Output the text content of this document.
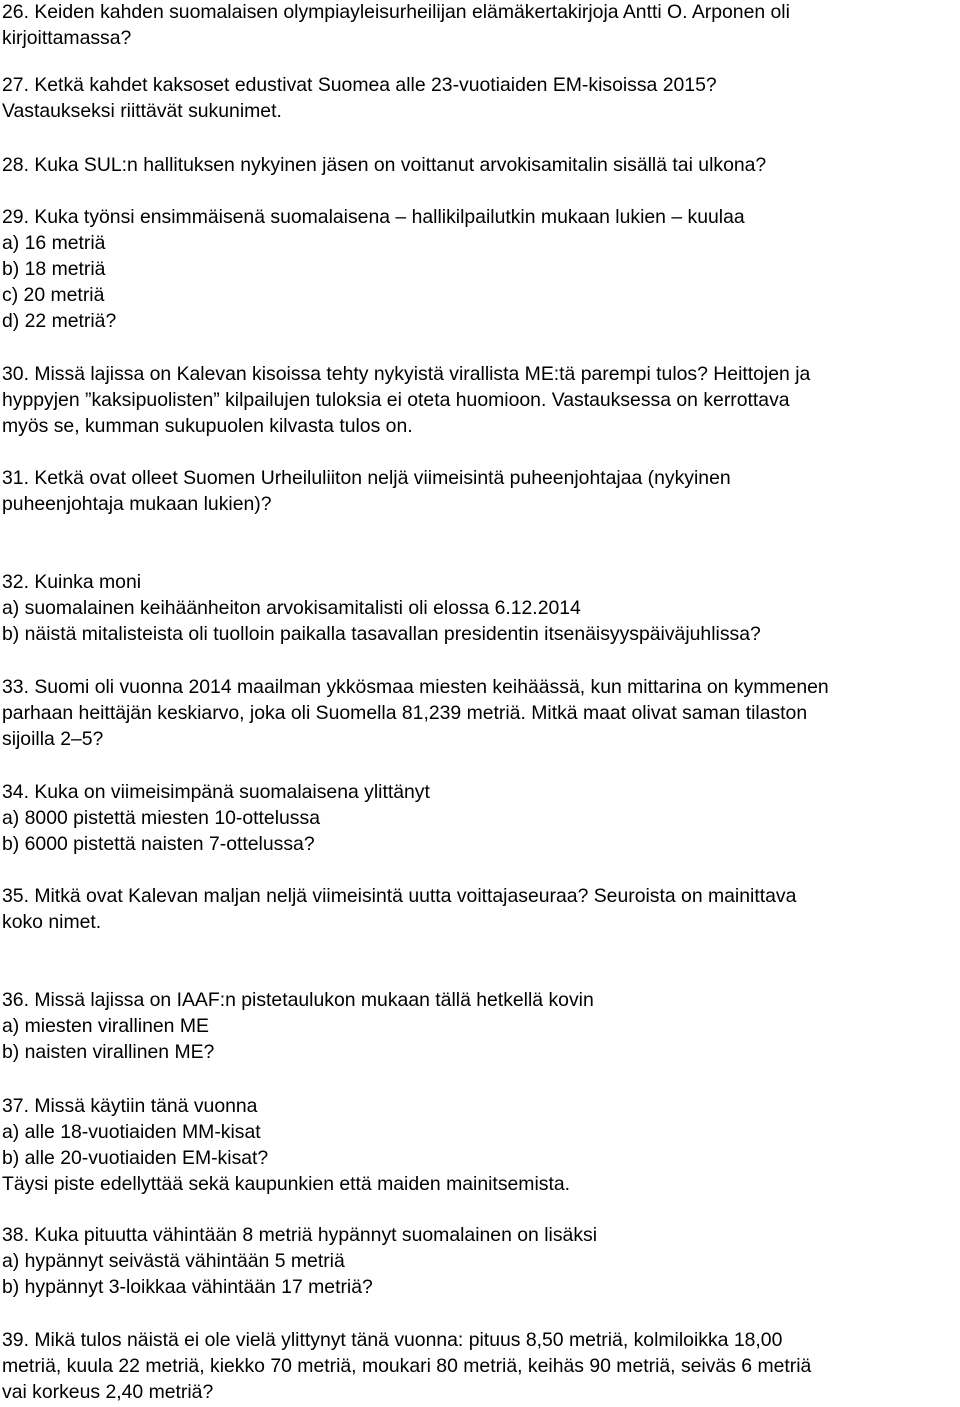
26. Keiden kahden suomalaisen olympiayleisurheilijan elämäkertakirjoja Antti O. Arponen oli
kirjoittamassa?
27. Ketkä kahdet kaksoset edustivat Suomea alle 23-vuotiaiden EM-kisoissa 2015?
Vastaukseksi riittävät sukunimet.
28. Kuka SUL:n hallituksen nykyinen jäsen on voittanut arvokisamitalin sisällä tai ulkona?
29. Kuka työnsi ensimmäisenä suomalaisena – hallikilpailutkin mukaan lukien – kuulaa
a) 16 metriä
b) 18 metriä
c) 20 metriä
d) 22 metriä?
30. Missä lajissa on Kalevan kisoissa tehty nykyistä virallista ME:tä parempi tulos? Heittojen ja
hyppyjen ”kaksipuolisten” kilpailujen tuloksia ei oteta huomioon. Vastauksessa on kerrottava
myös se, kumman sukupuolen kilvasta tulos on.
31. Ketkä ovat olleet Suomen Urheiluliiton neljä viimeisintä puheenjohtajaa (nykyinen
puheenjohtaja mukaan lukien)?
32. Kuinka moni
a) suomalainen keihäänheiton arvokisamitalisti oli elossa 6.12.2014
b) näistä mitalisteista oli tuolloin paikalla tasavallan presidentin itsenäisyyspäiväjuhlissa?
33. Suomi oli vuonna 2014 maailman ykkösmaa miesten keihäässä, kun mittarina on kymmenen
parhaan heittäjän keskiarvo, joka oli Suomella 81,239 metriä. Mitkä maat olivat saman tilaston
sijoilla 2–5?
34. Kuka on viimeisimpänä suomalaisena ylittänyt
a) 8000 pistettä miesten 10-ottelussa
b) 6000 pistettä naisten 7-ottelussa?
35. Mitkä ovat Kalevan maljan neljä viimeisintä uutta voittajaseuraa? Seuroista on mainittava
koko nimet.
36. Missä lajissa on IAAF:n pistetaulukon mukaan tällä hetkellä kovin
a) miesten virallinen ME
b) naisten virallinen ME?
37. Missä käytiin tänä vuonna
a) alle 18-vuotiaiden MM-kisat
b) alle 20-vuotiaiden EM-kisat?
Täysi piste edellyttää sekä kaupunkien että maiden mainitsemista.
38. Kuka pituutta vähintään 8 metriä hypännyt suomalainen on lisäksi
a) hypännyt seivästä vähintään 5 metriä
b) hypännyt 3-loikkaa vähintään 17 metriä?
39. Mikä tulos näistä ei ole vielä ylittynyt tänä vuonna: pituus 8,50 metriä, kolmiloikka 18,00
metriä, kuula 22 metriä, kiekko 70 metriä, moukari 80 metriä, keihäs 90 metriä, seiväs 6 metriä
vai korkeus 2,40 metriä?
